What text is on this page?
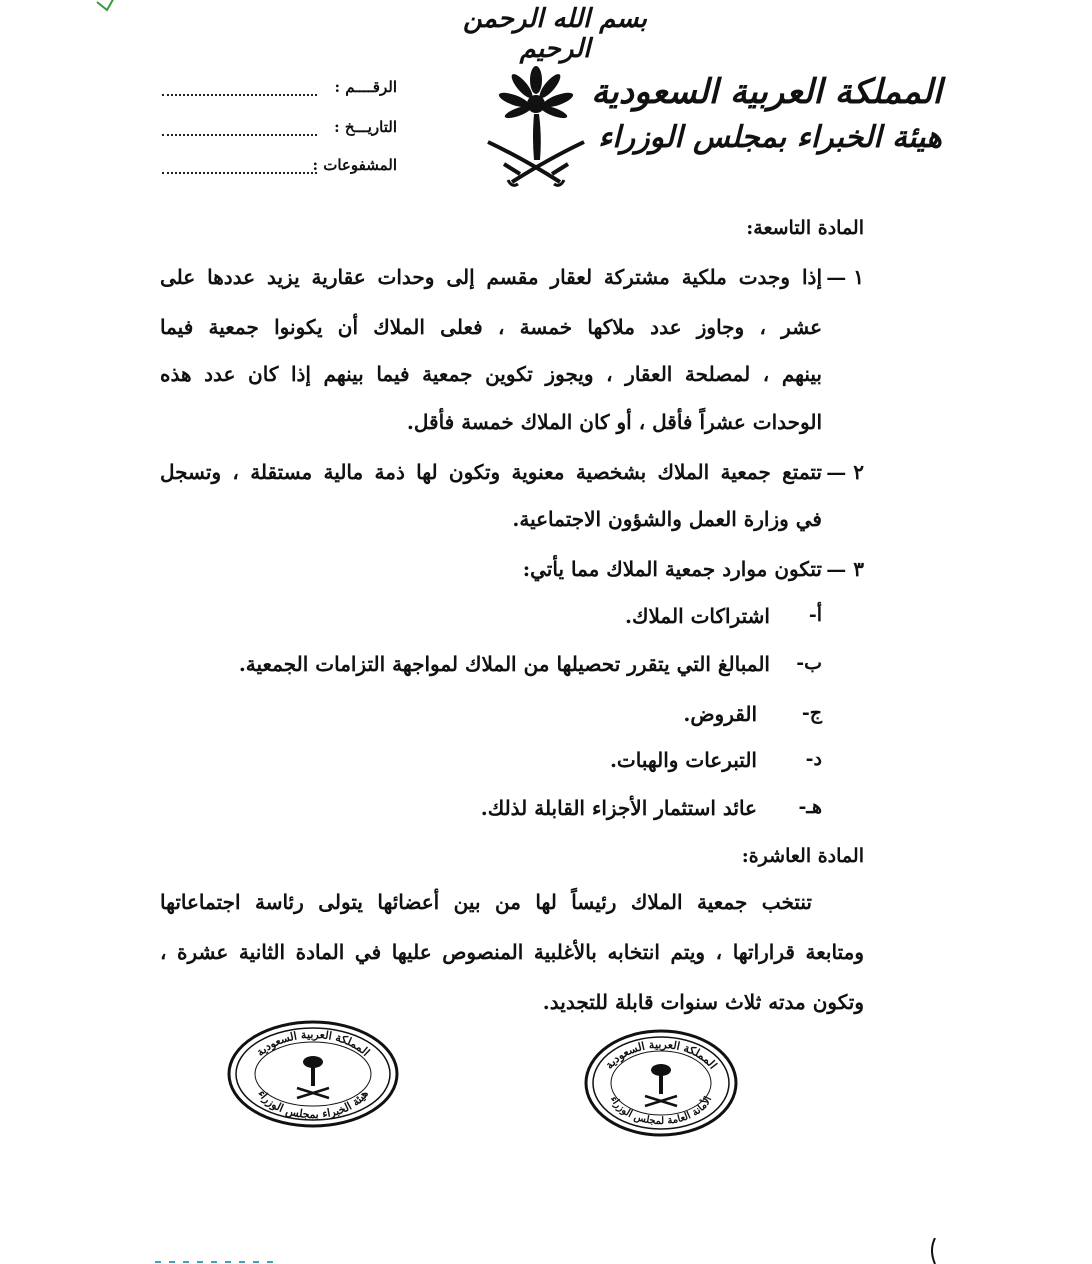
بسم الله الرحمن الرحيم
المملكة العربية السعودية
هيئة الخبراء بمجلس الوزراء
الرقــــم :
التاريـــخ :
المشفوعات :
المادة التاسعة:
١ —
إذا وجدت ملكية مشتركة لعقار مقسم إلى وحدات عقارية يزيد عددها على
عشر ، وجاوز عدد ملاكها خمسة ، فعلى الملاك أن يكونوا جمعية فيما
بينهم ، لمصلحة العقار ، ويجوز تكوين جمعية فيما بينهم إذا كان عدد هذه
الوحدات عشراً فأقل ، أو كان الملاك خمسة فأقل.
٢ —
تتمتع جمعية الملاك بشخصية معنوية وتكون لها ذمة مالية مستقلة ، وتسجل
في وزارة العمل والشؤون الاجتماعية.
٣ —
تتكون موارد جمعية الملاك مما يأتي:
أ-
اشتراكات الملاك.
ب-
المبالغ التي يتقرر تحصيلها من الملاك لمواجهة التزامات الجمعية.
ج-
القروض.
د-
التبرعات والهبات.
هـ-
عائد استثمار الأجزاء القابلة لذلك.
المادة العاشرة:
تنتخب جمعية الملاك رئيساً لها من بين أعضائها يتولى رئاسة اجتماعاتها
ومتابعة قراراتها ، ويتم انتخابه بالأغلبية المنصوص عليها في المادة الثانية عشرة ،
وتكون مدته ثلاث سنوات قابلة للتجديد.
المملكة العربية السعودية
هيئة الخبراء بمجلس الوزراء
المملكة العربية السعودية
الأمانة العامة لمجلس الوزراء
